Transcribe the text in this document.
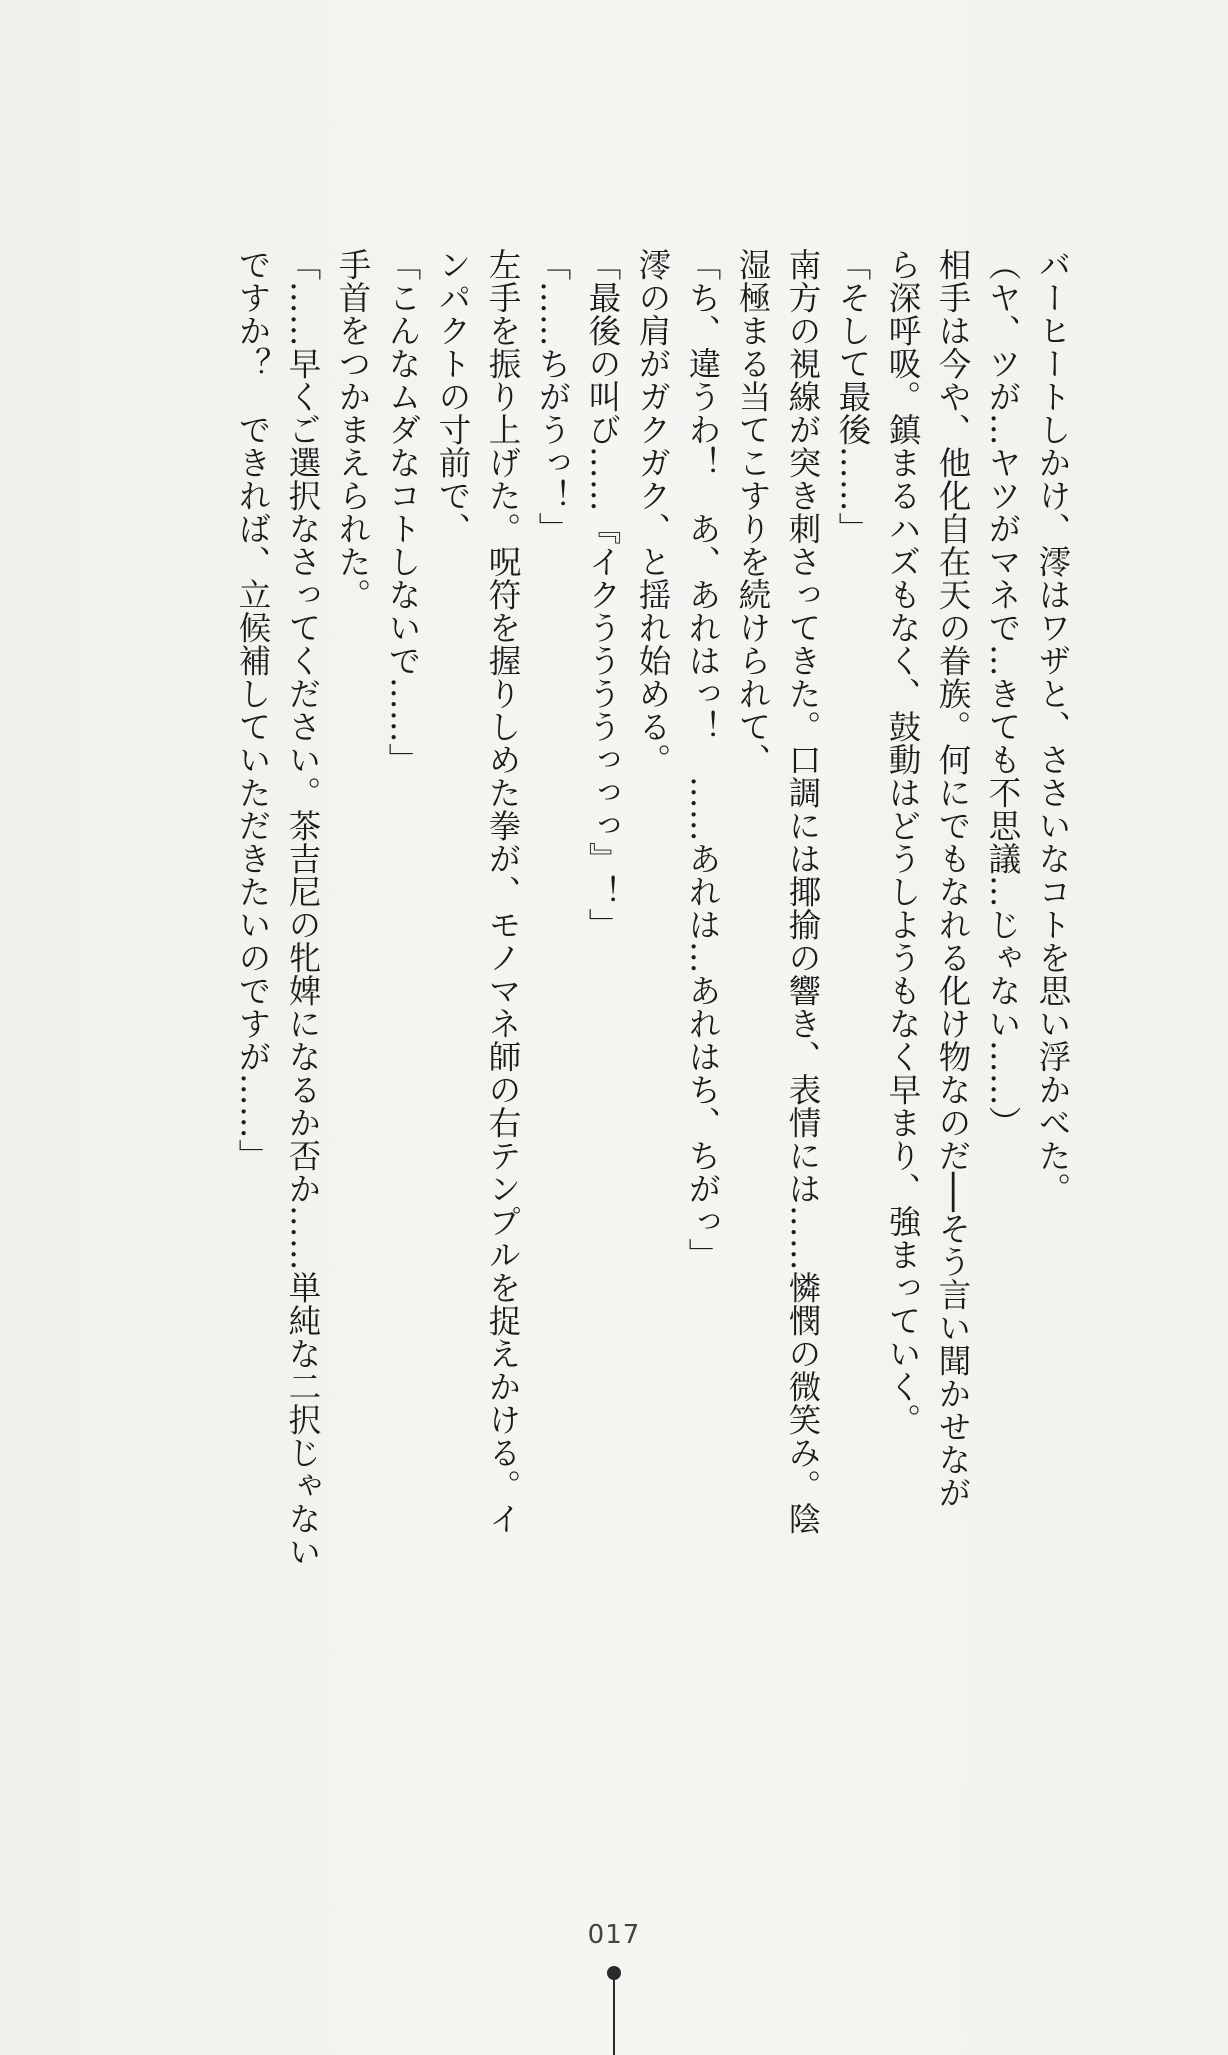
バーヒートしかけ、澪はワザと、ささいなコトを思い浮かべた。
（ヤ、ツが…ヤツがマネで…きても不思議…じゃない……）
相手は今や、他化自在天の眷族。何にでもなれる化け物なのだ──そう言い聞かせなが
ら深呼吸。鎮まるハズもなく、鼓動はどうしようもなく早まり、強まっていく。
「そして最後……」
南方の視線が突き刺さってきた。口調には揶揄の響き、表情には……憐憫の微笑み。陰
湿極まる当てこすりを続けられて、
「ち、違うわ！　あ、あれはっ！　……あれは…あれはち、ちがっ」
澪の肩がガクガク、と揺れ始める。
「最後の叫び……『イクううううっっっ』！」
「……ちがうっ！」
左手を振り上げた。呪符を握りしめた拳が、モノマネ師の右テンプルを捉えかける。イ
ンパクトの寸前で、
「こんなムダなコトしないで……」
手首をつかまえられた。
「……早くご選択なさってください。茶吉尼の牝婢になるか否か……単純な二択じゃない
ですか？　できれば、立候補していただきたいのですが……」
017
